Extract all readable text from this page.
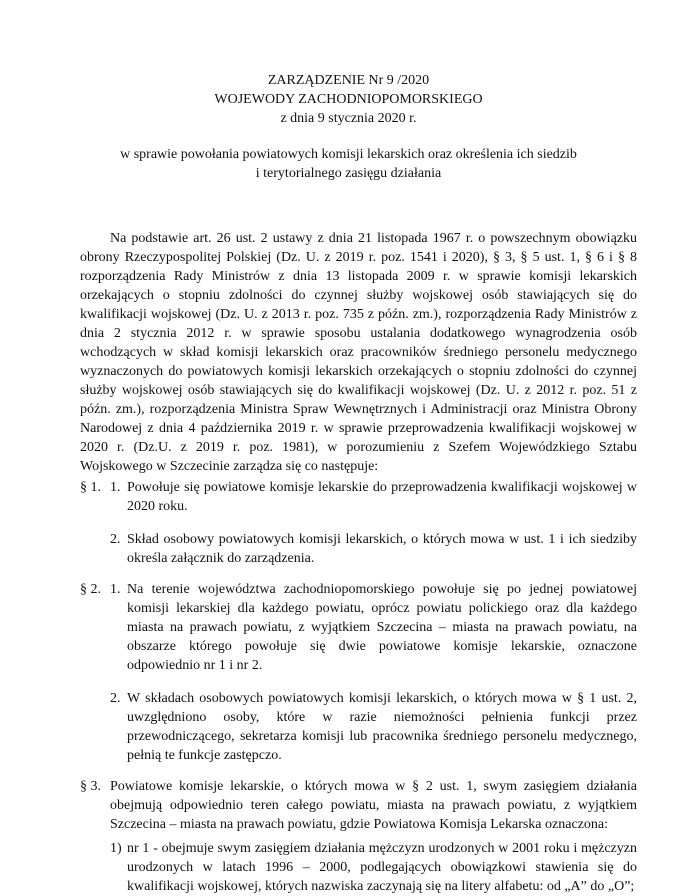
ZARZĄDZENIE Nr 9 /2020
WOJEWODY ZACHODNIOPOMORSKIEGO
z dnia 9 stycznia 2020 r.
w sprawie powołania powiatowych komisji lekarskich oraz określenia ich siedzib
i terytorialnego zasięgu działania
Na podstawie art. 26 ust. 2 ustawy z dnia 21 listopada 1967 r. o powszechnym obowiązku obrony Rzeczypospolitej Polskiej (Dz. U. z 2019 r. poz. 1541 i 2020), § 3, § 5 ust. 1, § 6 i § 8 rozporządzenia Rady Ministrów z dnia 13 listopada 2009 r. w sprawie komisji lekarskich orzekających o stopniu zdolności do czynnej służby wojskowej osób stawiających się do kwalifikacji wojskowej (Dz. U. z 2013 r. poz. 735 z późn. zm.), rozporządzenia Rady Ministrów z dnia 2 stycznia 2012 r. w sprawie sposobu ustalania dodatkowego wynagrodzenia osób wchodzących w skład komisji lekarskich oraz pracowników średniego personelu medycznego wyznaczonych do powiatowych komisji lekarskich orzekających o stopniu zdolności do czynnej służby wojskowej osób stawiających się do kwalifikacji wojskowej (Dz. U. z 2012 r. poz. 51 z późn. zm.), rozporządzenia Ministra Spraw Wewnętrznych i Administracji oraz Ministra Obrony Narodowej z dnia 4 października 2019 r. w sprawie przeprowadzenia kwalifikacji wojskowej w 2020 r. (Dz.U. z 2019 r. poz. 1981), w porozumieniu z Szefem Wojewódzkiego Sztabu Wojskowego w Szczecinie zarządza się co następuje:
§ 1. 1. Powołuje się powiatowe komisje lekarskie do przeprowadzenia kwalifikacji wojskowej w 2020 roku.
2. Skład osobowy powiatowych komisji lekarskich, o których mowa w ust. 1 i ich siedziby określa załącznik do zarządzenia.
§ 2. 1. Na terenie województwa zachodniopomorskiego powołuje się po jednej powiatowej komisji lekarskiej dla każdego powiatu, oprócz powiatu polickiego oraz dla każdego miasta na prawach powiatu, z wyjątkiem Szczecina – miasta na prawach powiatu, na obszarze którego powołuje się dwie powiatowe komisje lekarskie, oznaczone odpowiednio nr 1 i nr 2.
2. W składach osobowych powiatowych komisji lekarskich, o których mowa w § 1 ust. 2, uwzględniono osoby, które w razie niemożności pełnienia funkcji przez przewodniczącego, sekretarza komisji lub pracownika średniego personelu medycznego, pełnią te funkcje zastępczo.
§ 3. Powiatowe komisje lekarskie, o których mowa w § 2 ust. 1, swym zasięgiem działania obejmują odpowiednio teren całego powiatu, miasta na prawach powiatu, z wyjątkiem Szczecina – miasta na prawach powiatu, gdzie Powiatowa Komisja Lekarska oznaczona:
1) nr 1 - obejmuje swym zasięgiem działania mężczyzn urodzonych w 2001 roku i mężczyzn urodzonych w latach 1996 – 2000, podlegających obowiązkowi stawienia się do kwalifikacji wojskowej, których nazwiska zaczynają się na litery alfabetu: od „A” do „O”;
